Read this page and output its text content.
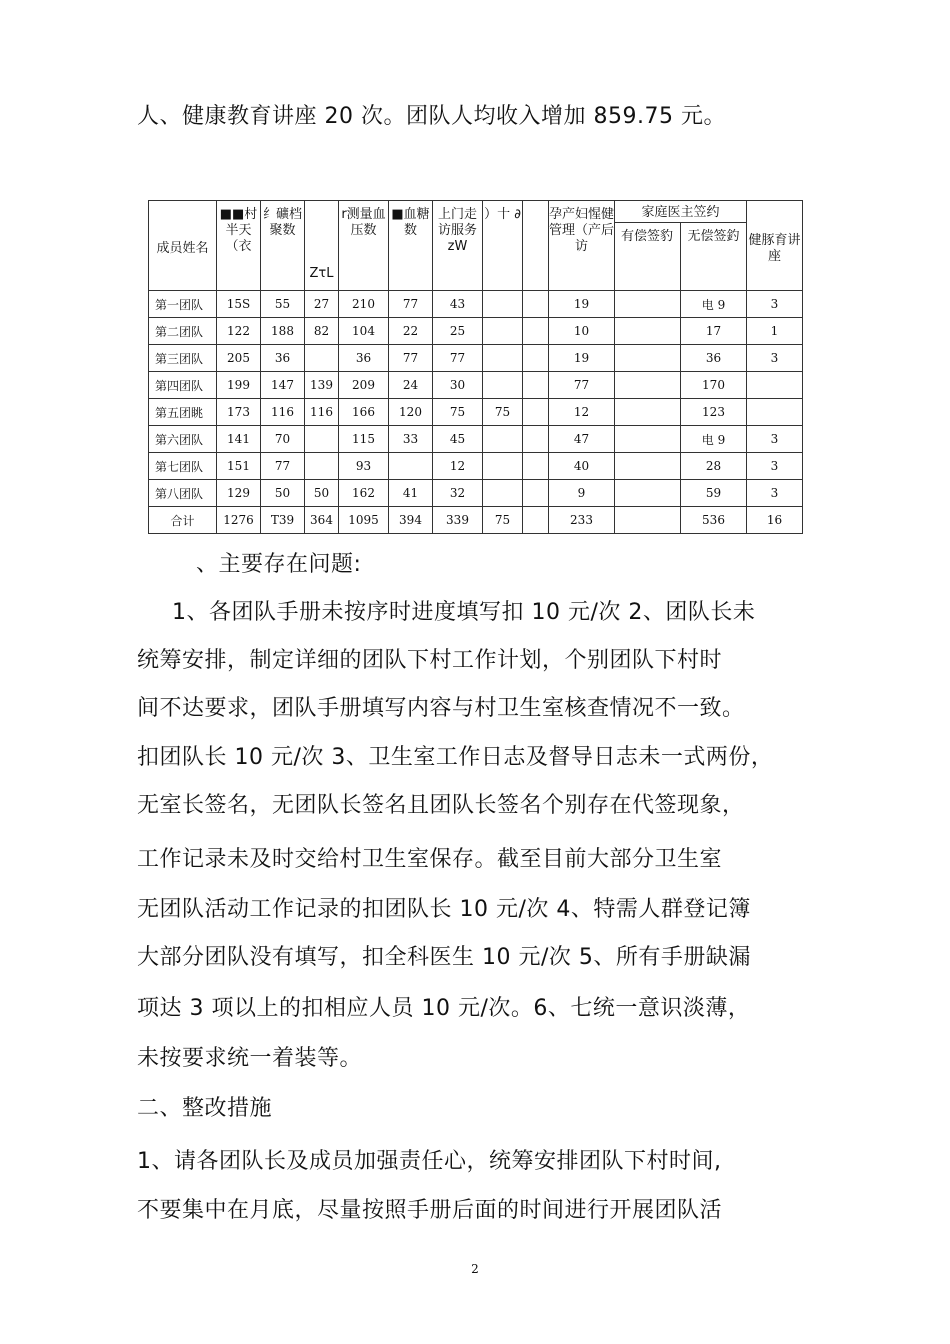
人、健康教育讲座 20 次。团队人均收入增加 859.75 元。
成员姓名	■■村半天　（衣	纟礦档聚数	ZτL	r测量血压数	■血糖数	上门走访服务zW	）十 ∂		孕产妇惺健管理（产后访	家庭医主笠约		健豚育讲座
										有偿签豹	无偿签釣	
第一团队	15S	55	27	210	77	43			19		电 9	3
第二团队	122	188	82	104	22	25			10		17	1
第三团队	205	36		36	77	77			19		36	3
第四团队	199	147	139	209	24	30			77		170	
第五团眺	173	116	116	166	120	75	75		12		123	
第六团队	141	70		115	33	45			47		电 9	3
第七团队	151	77		93		12			40		28	3
第八团队	129	50	50	162	41	32			9		59	3
合计	1276	T39	364	1095	394	339	75		233		536	16
、主要存在问题:
1、各团队手册未按序时进度填写扣 10 元/次 2、团队长未
统筹安排，制定详细的团队下村工作计划，个别团队下村时
间不达要求，团队手册填写内容与村卫生室核查情况不一致。
扣团队长 10 元/次 3、卫生室工作日志及督导日志未一式两份，
无室长签名，无团队长签名且团队长签名个别存在代签现象，
工作记录未及时交给村卫生室保存。截至目前大部分卫生室
无团队活动工作记录的扣团队长 10 元/次 4、特需人群登记簿
大部分团队没有填写，扣全科医生 10 元/次 5、所有手册缺漏
项达 3 项以上的扣相应人员 10 元/次。6、七统一意识淡薄，
未按要求统一着装等。
二、整改措施
1、请各团队长及成员加强责任心，统筹安排团队下村时间,
不要集中在月底，尽量按照手册后面的时间进行开展团队活
2
